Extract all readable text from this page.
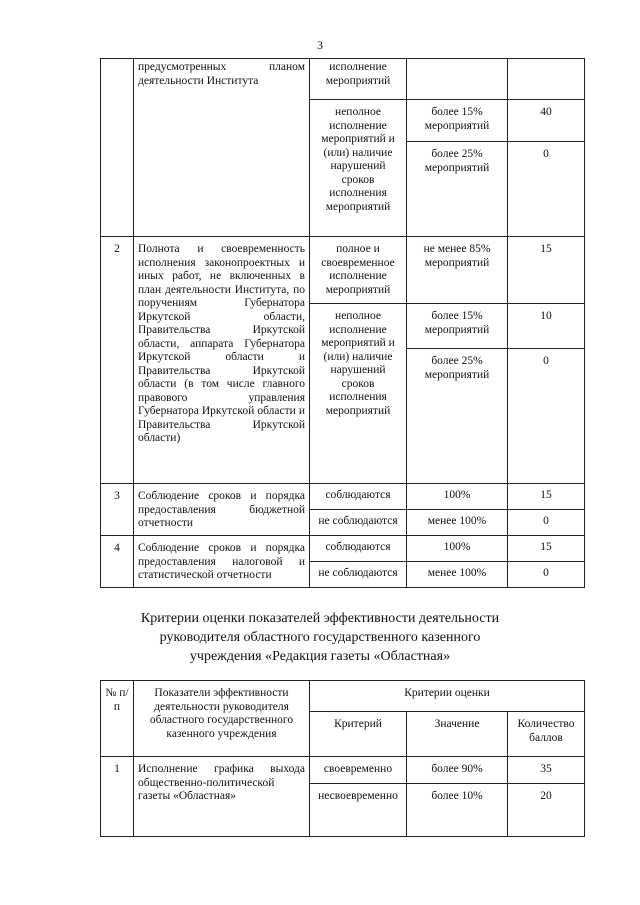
3
	предусмотренных планом деятельности Института	исполнение мероприятий		
		неполное исполнение мероприятий и (или) наличие нарушений сроков исполнения мероприятий	более 15% мероприятий	40
			более 25% мероприятий	0
2	Полнота и своевременность исполнения законопроектных и иных работ, не включенных в план деятельности Института, по поручениям Губернатора Иркутской области, Правительства Иркутской области, аппарата Губернатора Иркутской области и Правительства Иркутской области (в том числе главного правового управления Губернатора Иркутской области и Правительства Иркутской области)	полное и своевременное исполнение мероприятий	не менее 85% мероприятий	15
		неполное исполнение мероприятий и (или) наличие нарушений сроков исполнения мероприятий	более 15% мероприятий	10
			более 25% мероприятий	0
3	Соблюдение сроков и порядка предоставления бюджетной отчетности	соблюдаются	100%	15
		не соблюдаются	менее 100%	0
4	Соблюдение сроков и порядка предоставления налоговой и статистической отчетности	соблюдаются	100%	15
		не соблюдаются	менее 100%	0
Критерии оценки показателей эффективности деятельности
руководителя областного государственного казенного
учреждения «Редакция газеты «Областная»
№ п/п	Показатели эффективности деятельности руководителя областного государственного казенного учреждения	Критерии оценки		
		Критерий	Значение	Количество баллов
1	Исполнение графика выхода общественно-политической газеты «Областная»	своевременно	более 90%	35
		несвоевременно	более 10%	20
